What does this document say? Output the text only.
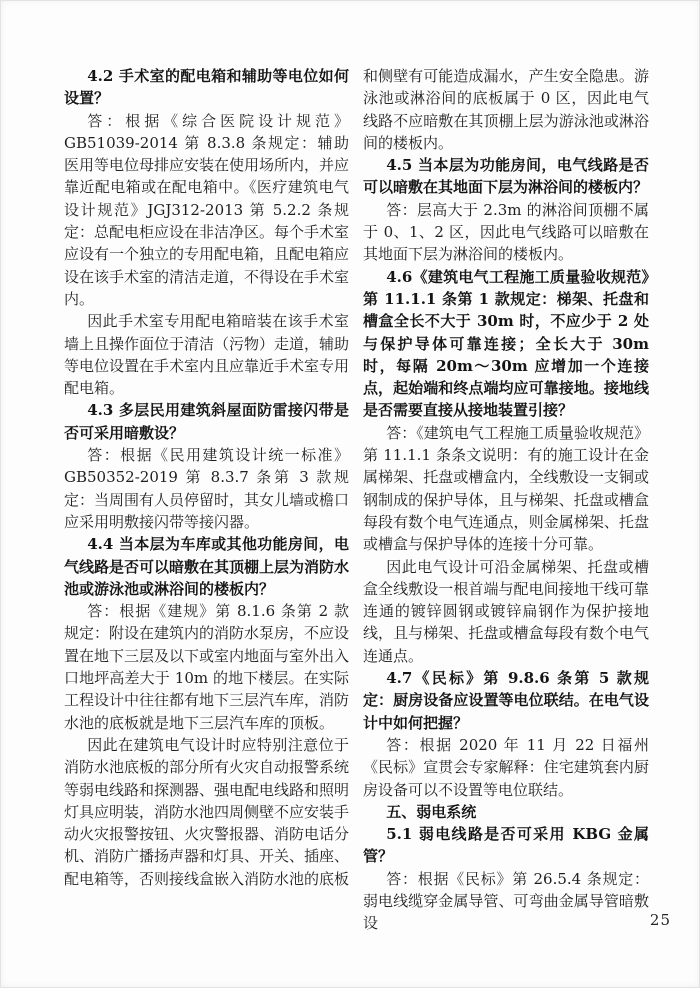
4.2 手术室的配电箱和辅助等电位如何设置？

答：根据《综合医院设计规范》GB51039-2014 第 8.3.8 条规定：辅助医用等电位母排应安装在使用场所内，并应靠近配电箱或在配电箱中。《医疗建筑电气设计规范》JGJ312-2013 第 5.2.2 条规定：总配电柜应设在非洁净区。每个手术室应设有一个独立的专用配电箱，且配电箱应设在该手术室的清洁走道，不得设在手术室内。

因此手术室专用配电箱暗装在该手术室墙上且操作面位于清洁（污物）走道，辅助等电位设置在手术室内且应靠近手术室专用配电箱。

4.3 多层民用建筑斜屋面防雷接闪带是否可采用暗敷设？

答：根据《民用建筑设计统一标准》GB50352-2019 第 8.3.7 条第 3 款规定：当周围有人员停留时，其女儿墙或檐口应采用明敷接闪带等接闪器。

4.4 当本层为车库或其他功能房间，电气线路是否可以暗敷在其顶棚上层为消防水池或游泳池或淋浴间的楼板内？

答：根据《建规》第 8.1.6 条第 2 款规定：附设在建筑内的消防水泵房，不应设置在地下三层及以下或室内地面与室外出入口地坪高差大于 10m 的地下楼层。在实际工程设计中往往都有地下三层汽车库，消防水池的底板就是地下三层汽车库的顶板。

因此在建筑电气设计时应特别注意位于消防水池底板的部分所有火灾自动报警系统等弱电线路和探测器、强电配电线路和照明灯具应明装，消防水池四周侧壁不应安装手动火灾报警按钮、火灾警报器、消防电话分机、消防广播扬声器和灯具、开关、插座、配电箱等，否则接线盒嵌入消防水池的底板

和侧壁有可能造成漏水，产生安全隐患。游泳池或淋浴间的底板属于 0 区，因此电气线路不应暗敷在其顶棚上层为游泳池或淋浴间的楼板内。

4.5 当本层为功能房间，电气线路是否可以暗敷在其地面下层为淋浴间的楼板内？

答：层高大于 2.3m 的淋浴间顶棚不属于 0、1、2 区，因此电气线路可以暗敷在其地面下层为淋浴间的楼板内。

4.6《建筑电气工程施工质量验收规范》第 11.1.1 条第 1 款规定：梯架、托盘和槽盒全长不大于 30m 时，不应少于 2 处与保护导体可靠连接；全长大于 30m 时，每隔 20m～30m 应增加一个连接点，起始端和终点端均应可靠接地。接地线是否需要直接从接地装置引接？

答：《建筑电气工程施工质量验收规范》第 11.1.1 条条文说明：有的施工设计在金属梯架、托盘或槽盒内，全线敷设一支铜或钢制成的保护导体，且与梯架、托盘或槽盒每段有数个电气连通点，则金属梯架、托盘或槽盒与保护导体的连接十分可靠。

因此电气设计可沿金属梯架、托盘或槽盒全线敷设一根首端与配电间接地干线可靠连通的镀锌圆钢或镀锌扁钢作为保护接地线，且与梯架、托盘或槽盒每段有数个电气连通点。

4.7《民标》第 9.8.6 条第 5 款规定：厨房设备应设置等电位联结。在电气设计中如何把握？

答：根据 2020 年 11 月 22 日福州《民标》宣贯会专家解释：住宅建筑套内厨房设备可以不设置等电位联结。

五、弱电系统

5.1 弱电线路是否可采用 KBG 金属管？

答：根据《民标》第 26.5.4 条规定：弱电线缆穿金属导管、可弯曲金属导管暗敷设	25
